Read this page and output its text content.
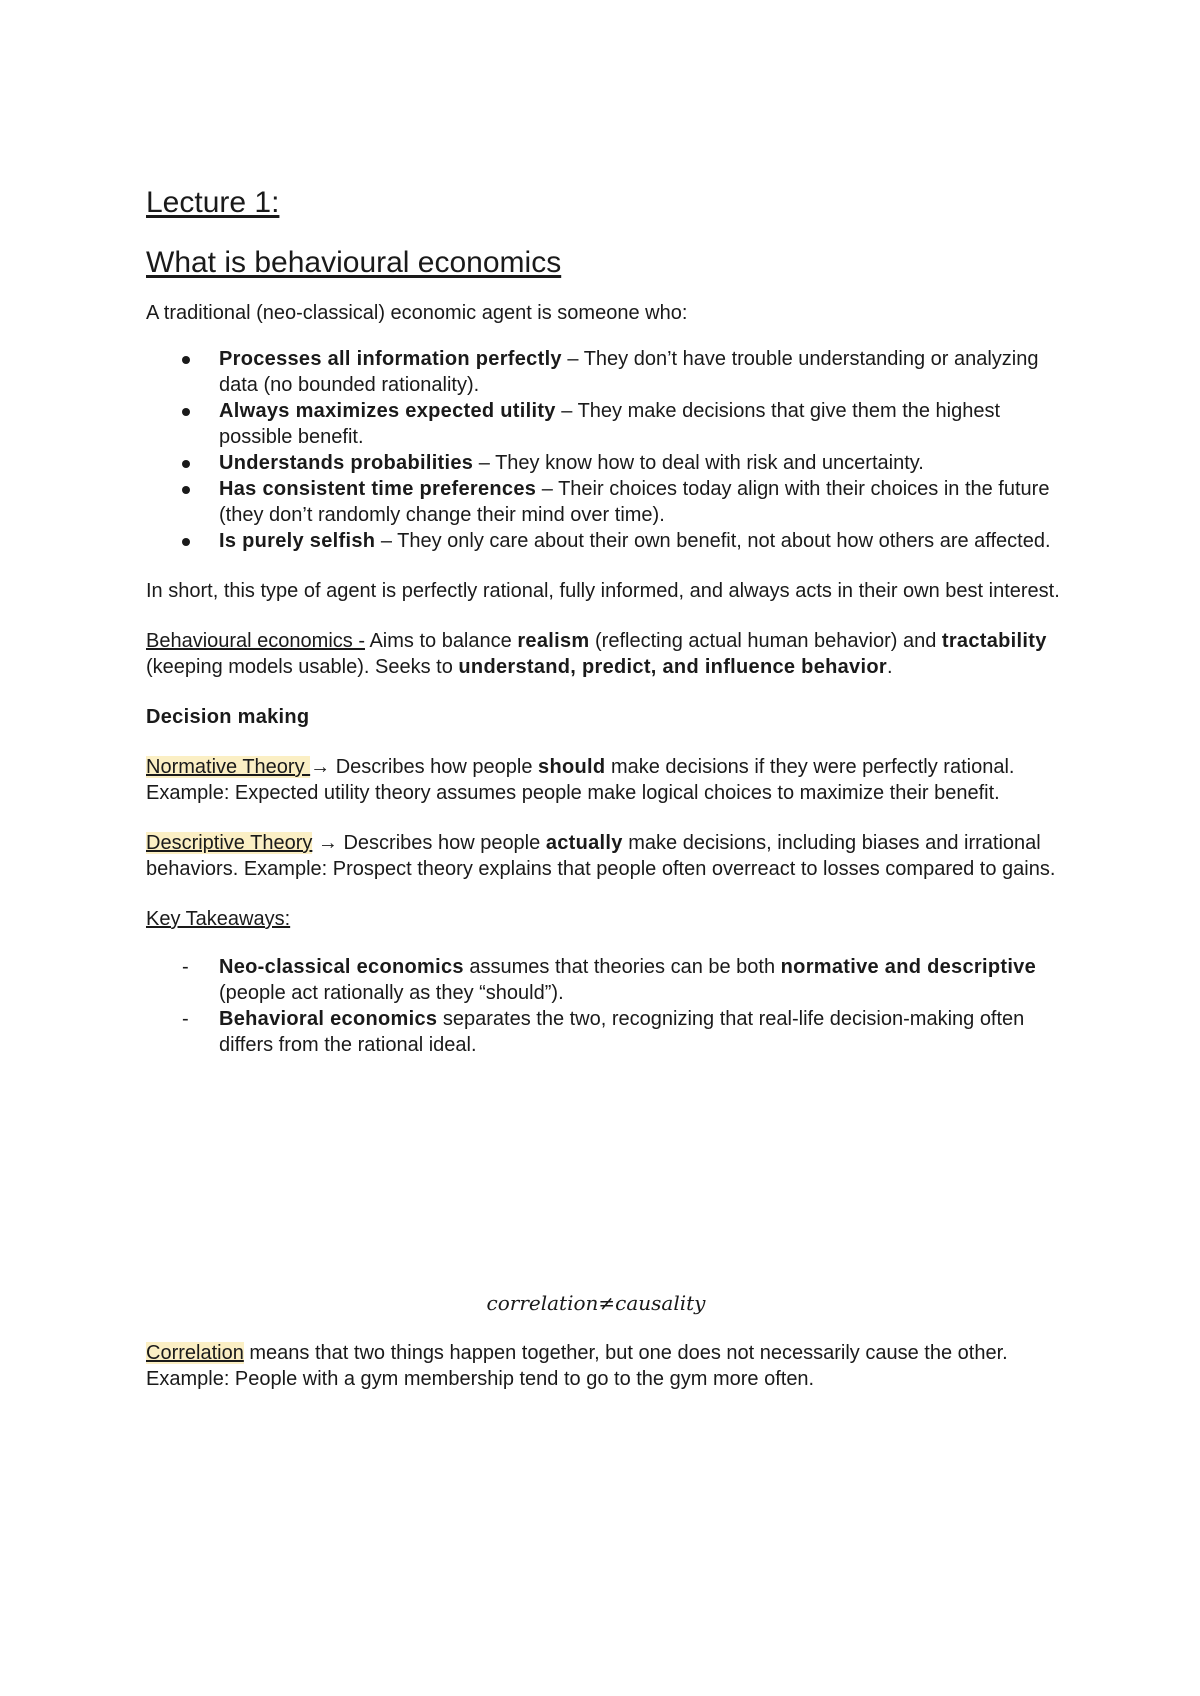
Lecture 1:
What is behavioural economics

A traditional (neo-classical) economic agent is someone who:

Processes all information perfectly – They don’t have trouble understanding or analyzing data (no bounded rationality).
Always maximizes expected utility – They make decisions that give them the highest possible benefit.
Understands probabilities – They know how to deal with risk and uncertainty.
Has consistent time preferences – Their choices today align with their choices in the future (they don’t randomly change their mind over time).
Is purely selfish – They only care about their own benefit, not about how others are affected.

In short, this type of agent is perfectly rational, fully informed, and always acts in their own best interest.

Behavioural economics - Aims to balance realism (reflecting actual human behavior) and tractability (keeping models usable). Seeks to understand, predict, and influence behavior.

Decision making

Normative Theory → Describes how people should make decisions if they were perfectly rational. Example: Expected utility theory assumes people make logical choices to maximize their benefit.

Descriptive Theory → Describes how people actually make decisions, including biases and irrational behaviors. Example: Prospect theory explains that people often overreact to losses compared to gains.

Key Takeaways:

- Neo-classical economics assumes that theories can be both normative and descriptive (people act rationally as they “should”).
- Behavioral economics separates the two, recognizing that real-life decision-making often differs from the rational ideal.
correlation≠causality

Correlation means that two things happen together, but one does not necessarily cause the other. Example: People with a gym membership tend to go to the gym more often.
